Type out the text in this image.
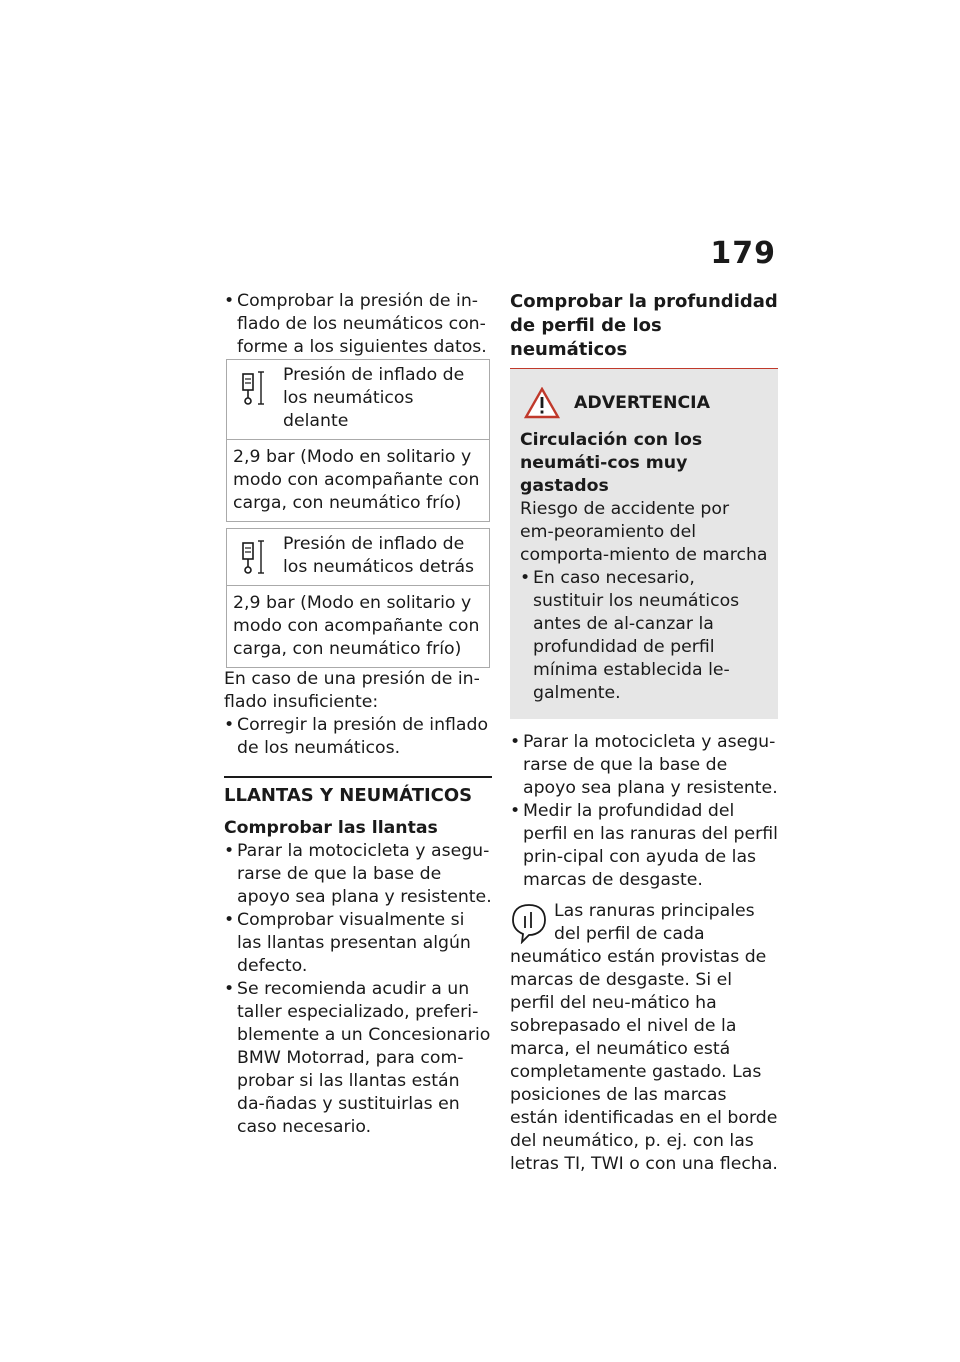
179
• Comprobar la presión de in-flado de los neumáticos con-forme a los siguientes datos.
Presión de inflado de los neumáticos delante
2,9 bar (Modo en solitario y modo con acompañante con carga, con neumático frío)
Presión de inflado de los neumáticos detrás
2,9 bar (Modo en solitario y modo con acompañante con carga, con neumático frío)

En caso de una presión de in-flado insuficiente:

• Corregir la presión de inflado de los neumáticos.
LLANTAS Y NEUMÁTICOS
Comprobar las llantas
• Parar la motocicleta y asegu-rarse de que la base de apoyo sea plana y resistente.
• Comprobar visualmente si las llantas presentan algún defecto.
• Se recomienda acudir a un taller especializado, preferi-blemente a un Concesionario BMW Motorrad, para com-probar si las llantas están da-ñadas y sustituirlas en caso necesario.
Comprobar la profundidad de perfil de los neumáticos
ADVERTENCIA
Circulación con los neumáti-cos muy gastados

Riesgo de accidente por em-peoramiento del comporta-miento de marcha

• En caso necesario, sustituir los neumáticos antes de al-canzar la profundidad de perfil mínima establecida le-galmente.
• Parar la motocicleta y asegu-rarse de que la base de apoyo sea plana y resistente.
• Medir la profundidad del perfil en las ranuras del perfil prin-cipal con ayuda de las marcas de desgaste.

Las ranuras principales del perfil de cada neumático están provistas de marcas de desgaste. Si el perfil del neu-mático ha sobrepasado el nivel de la marca, el neumático está completamente gastado. Las posiciones de las marcas están identificadas en el borde del neumático, p. ej. con las letras TI, TWI o con una flecha.
